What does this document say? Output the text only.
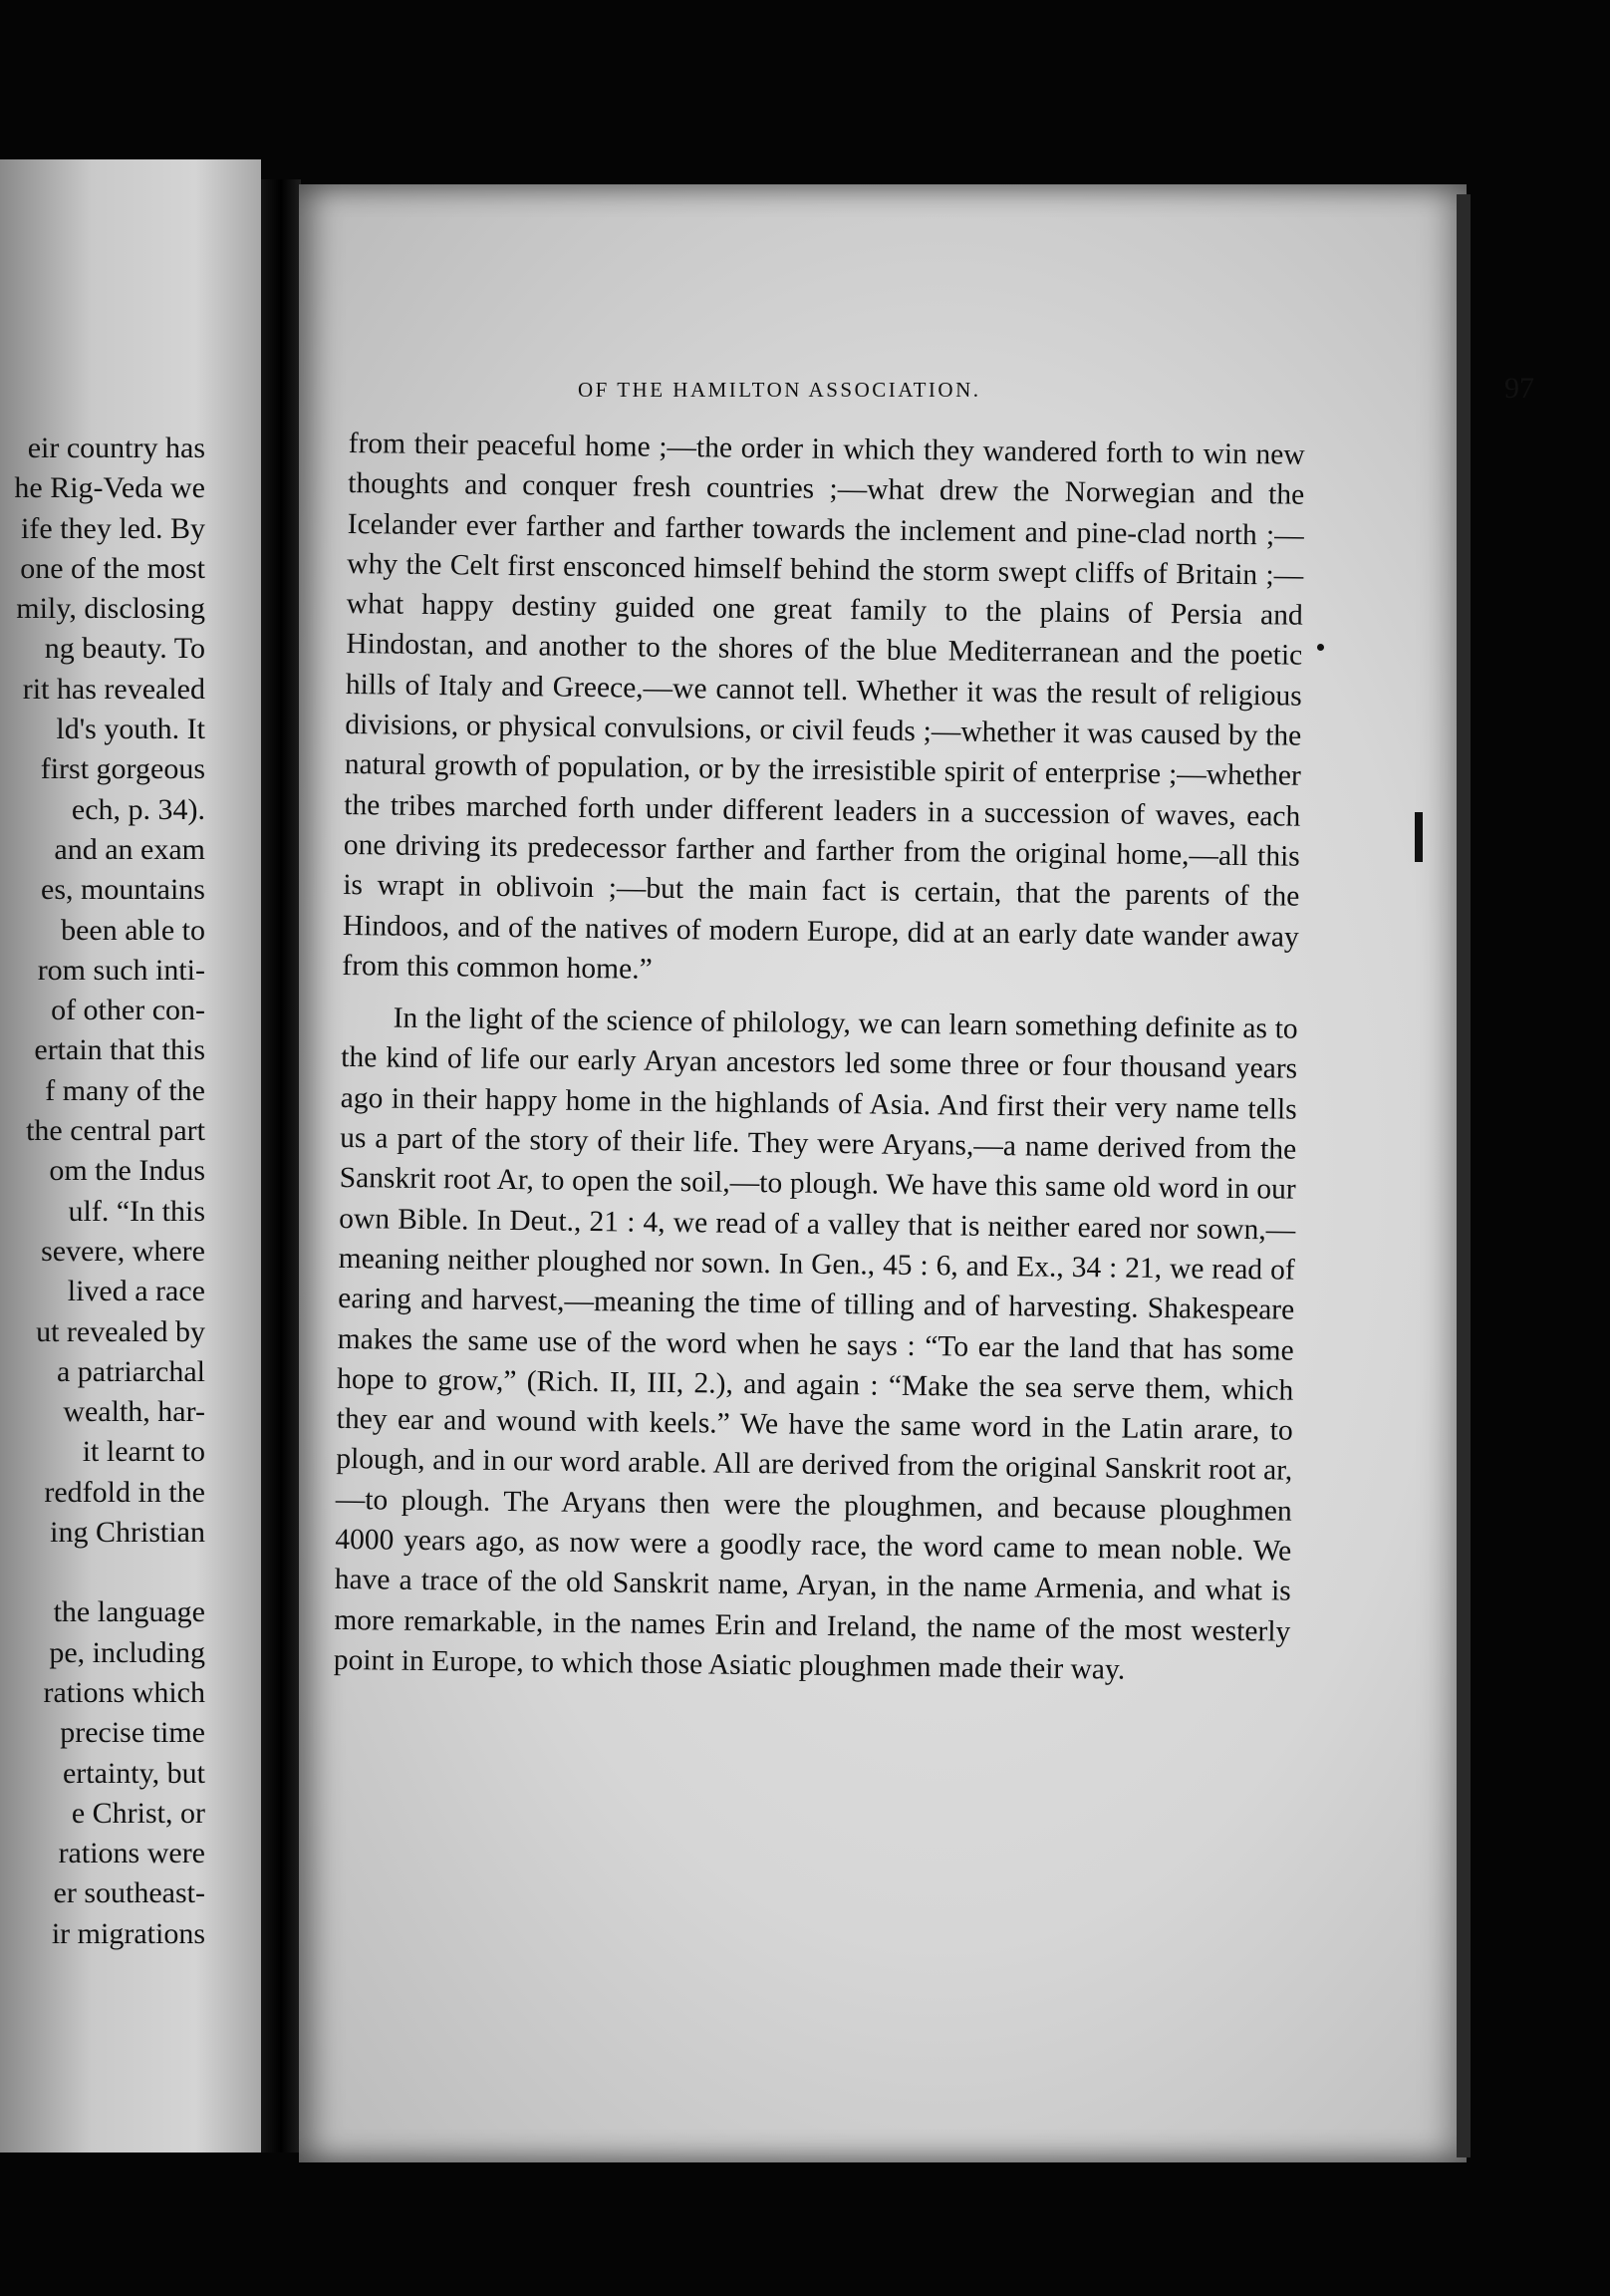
eir country has
he Rig-Veda we
ife they led. By
one of the most
mily, disclosing
ng beauty. To
rit has revealed
ld's youth. It
first gorgeous
ech, p. 34).
and an exam
es, mountains
been able to
rom such inti-
of other con-
ertain that this
f many of the
the central part
om the Indus
ulf. “In this
severe, where
lived a race
ut revealed by
a patriarchal
wealth, har-
it learnt to
redfold in the
ing Christian
the language
pe, including
rations which
precise time
ertainty, but
e Christ, or
rations were
er southeast-
ir migrations
OF THE HAMILTON ASSOCIATION.	97

from their peaceful home ;—the order in which they wandered forth to win new thoughts and conquer fresh countries ;—what drew the Norwegian and the Icelander ever farther and farther towards the inclement and pine-clad north ;—why the Celt first ensconced himself behind the storm swept cliffs of Britain ;—what happy destiny guided one great family to the plains of Persia and Hindostan, and another to the shores of the blue Mediterranean and the poetic hills of Italy and Greece,—we cannot tell. Whether it was the result of religious divisions, or physical convulsions, or civil feuds ;—whether it was caused by the natural growth of population, or by the irresistible spirit of enterprise ;—whether the tribes marched forth under different leaders in a succession of waves, each one driving its predecessor farther and farther from the original home,—all this is wrapt in oblivoin ;—but the main fact is certain, that the parents of the Hindoos, and of the natives of modern Europe, did at an early date wander away from this common home.”

In the light of the science of philology, we can learn something definite as to the kind of life our early Aryan ancestors led some three or four thousand years ago in their happy home in the highlands of Asia. And first their very name tells us a part of the story of their life. They were Aryans,—a name derived from the Sanskrit root Ar, to open the soil,—to plough. We have this same old word in our own Bible. In Deut., 21 : 4, we read of a valley that is neither eared nor sown,—meaning neither ploughed nor sown. In Gen., 45 : 6, and Ex., 34 : 21, we read of earing and harvest,—meaning the time of tilling and of harvesting. Shakespeare makes the same use of the word when he says : “To ear the land that has some hope to grow,” (Rich. II, III, 2.), and again : “Make the sea serve them, which they ear and wound with keels.” We have the same word in the Latin arare, to plough, and in our word arable. All are derived from the original Sanskrit root ar,—to plough. The Aryans then were the ploughmen, and because ploughmen 4000 years ago, as now were a goodly race, the word came to mean noble. We have a trace of the old Sanskrit name, Aryan, in the name Armenia, and what is more remarkable, in the names Erin and Ireland, the name of the most westerly point in Europe, to which those Asiatic ploughmen made their way.
